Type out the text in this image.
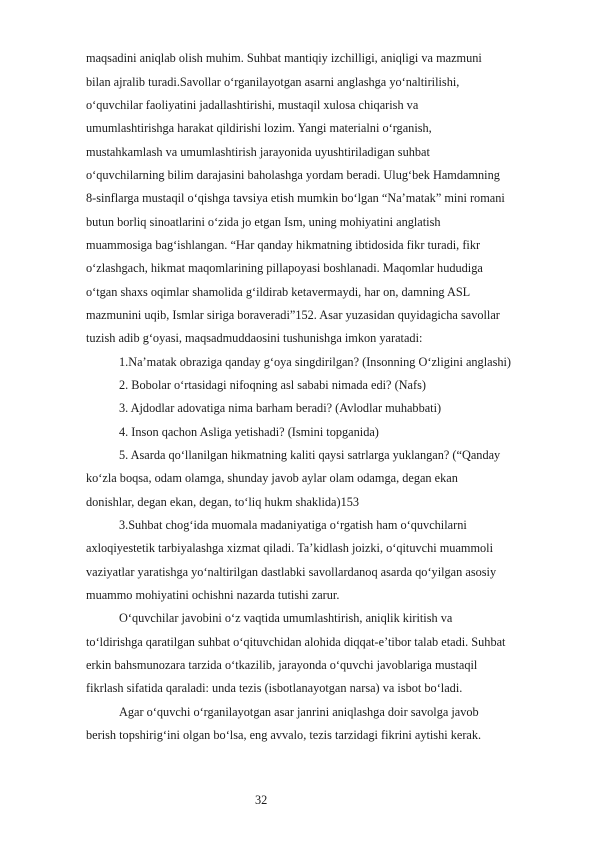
maqsadini aniqlab olish muhim. Suhbat mantiqiy izchilligi, aniqligi va mazmuni
bilan ajralib turadi.Savollar o‘rganilayotgan asarni anglashga yo‘naltirilishi,
o‘quvchilar faoliyatini jadallashtirishi, mustaqil xulosa chiqarish va
umumlashtirishga harakat qildirishi lozim. Yangi materialni o‘rganish,
mustahkamlash va umumlashtirish jarayonida uyushtiriladigan suhbat
o‘quvchilarning bilim darajasini baholashga yordam beradi. Ulug‘bek Hamdamning
8-sinflarga mustaqil o‘qishga tavsiya etish mumkin bo‘lgan “Na’matak” mini romani
butun borliq sinoatlarini o‘zida jo etgan Ism, uning mohiyatini anglatish
muammosiga bag‘ishlangan. “Har qanday hikmatning ibtidosida fikr turadi, fikr
o‘zlashgach, hikmat maqomlarining pillapoyasi boshlanadi. Maqomlar hududiga
o‘tgan shaxs oqimlar shamolida g‘ildirab ketavermaydi, har on, damning ASL
mazmunini uqib, Ismlar siriga boraveradi”152. Asar yuzasidan quyidagicha savollar
tuzish adib g‘oyasi, maqsadmuddaosini tushunishga imkon yaratadi:
1.Na’matak obraziga qanday g‘oya singdirilgan? (Insonning O‘zligini anglashi)
2. Bobolar o‘rtasidagi nifoqning asl sababi nimada edi? (Nafs)
3. Ajdodlar adovatiga nima barham beradi? (Avlodlar muhabbati)
4. Inson qachon Asliga yetishadi? (Ismini topganida)
5. Asarda qo‘llanilgan hikmatning kaliti qaysi satrlarga yuklangan? (“Qanday
ko‘zla boqsa, odam olamga, shunday javob aylar olam odamga, degan ekan
donishlar, degan ekan, degan, to‘liq hukm shaklida)153
3.Suhbat chog‘ida muomala madaniyatiga o‘rgatish ham o‘quvchilarni
axloqiyestetik tarbiyalashga xizmat qiladi. Ta’kidlash joizki, o‘qituvchi muammoli
vaziyatlar yaratishga yo‘naltirilgan dastlabki savollardanoq asarda qo‘yilgan asosiy
muammo mohiyatini ochishni nazarda tutishi zarur.
O‘quvchilar javobini o‘z vaqtida umumlashtirish, aniqlik kiritish va
to‘ldirishga qaratilgan suhbat o‘qituvchidan alohida diqqat-e’tibor talab etadi. Suhbat
erkin bahsmunozara tarzida o‘tkazilib, jarayonda o‘quvchi javoblariga mustaqil
fikrlash sifatida qaraladi: unda tezis (isbotlanayotgan narsa) va isbot bo‘ladi.
Agar o‘quvchi o‘rganilayotgan asar janrini aniqlashga doir savolga javob
berish topshirig‘ini olgan bo‘lsa, eng avvalo, tezis tarzidagi fikrini aytishi kerak.
32
